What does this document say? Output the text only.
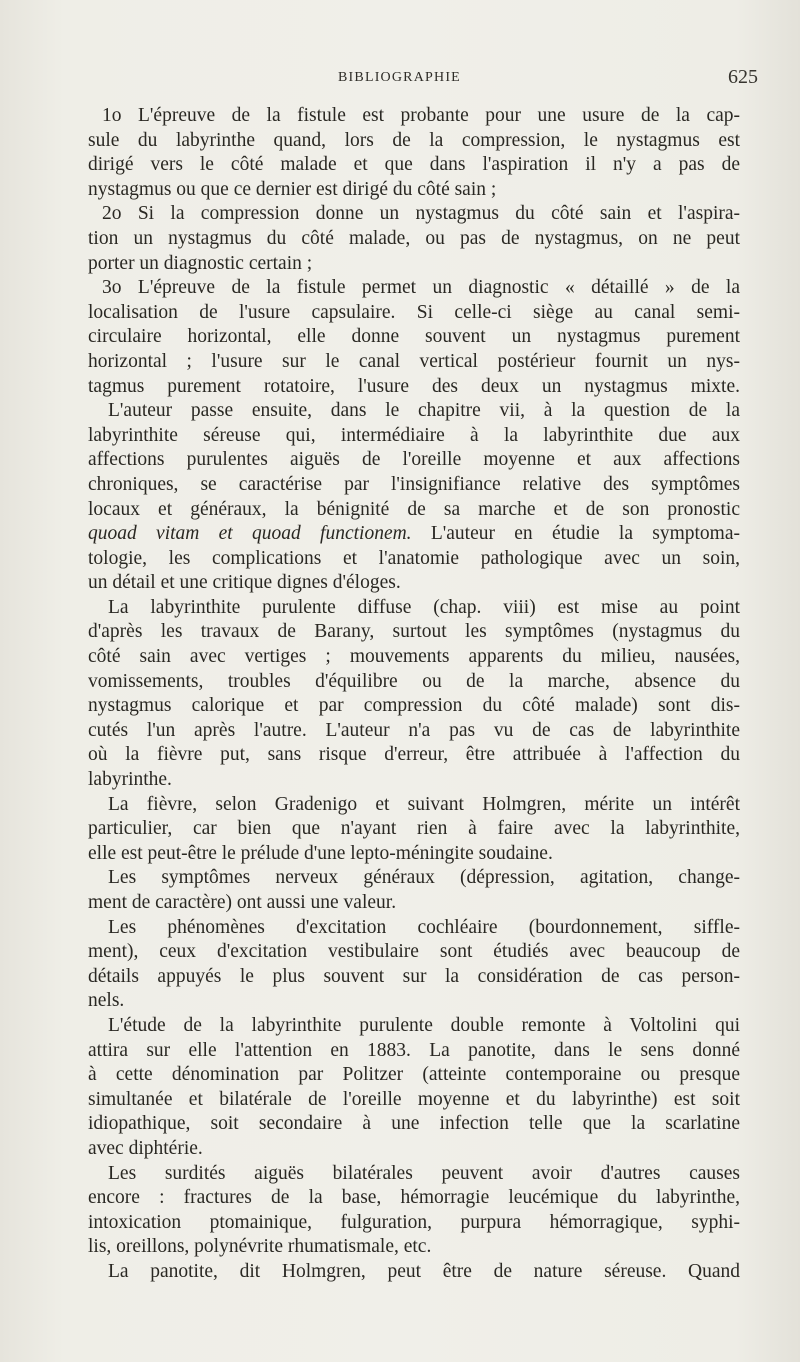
BIBLIOGRAPHIE	625
1o L'épreuve de la fistule est probante pour une usure de la cap-
sule du labyrinthe quand, lors de la compression, le nystagmus est
dirigé vers le côté malade et que dans l'aspiration il n'y a pas de
nystagmus ou que ce dernier est dirigé du côté sain ;
2o Si la compression donne un nystagmus du côté sain et l'aspira-
tion un nystagmus du côté malade, ou pas de nystagmus, on ne peut
porter un diagnostic certain ;
3o L'épreuve de la fistule permet un diagnostic « détaillé » de la
localisation de l'usure capsulaire. Si celle-ci siège au canal semi-
circulaire horizontal, elle donne souvent un nystagmus purement
horizontal ; l'usure sur le canal vertical postérieur fournit un nys-
tagmus purement rotatoire, l'usure des deux un nystagmus mixte.
L'auteur passe ensuite, dans le chapitre vii, à la question de la
labyrinthite séreuse qui, intermédiaire à la labyrinthite due aux
affections purulentes aiguës de l'oreille moyenne et aux affections
chroniques, se caractérise par l'insignifiance relative des symptômes
locaux et généraux, la bénignité de sa marche et de son pronostic
quoad vitam et quoad functionem. L'auteur en étudie la symptoma-
tologie, les complications et l'anatomie pathologique avec un soin,
un détail et une critique dignes d'éloges.
La labyrinthite purulente diffuse (chap. viii) est mise au point
d'après les travaux de Barany, surtout les symptômes (nystagmus du
côté sain avec vertiges ; mouvements apparents du milieu, nausées,
vomissements, troubles d'équilibre ou de la marche, absence du
nystagmus calorique et par compression du côté malade) sont dis-
cutés l'un après l'autre. L'auteur n'a pas vu de cas de labyrinthite
où la fièvre put, sans risque d'erreur, être attribuée à l'affection du
labyrinthe.
La fièvre, selon Gradenigo et suivant Holmgren, mérite un intérêt
particulier, car bien que n'ayant rien à faire avec la labyrinthite,
elle est peut-être le prélude d'une lepto-méningite soudaine.
Les symptômes nerveux généraux (dépression, agitation, change-
ment de caractère) ont aussi une valeur.
Les phénomènes d'excitation cochléaire (bourdonnement, siffle-
ment), ceux d'excitation vestibulaire sont étudiés avec beaucoup de
détails appuyés le plus souvent sur la considération de cas person-
nels.
L'étude de la labyrinthite purulente double remonte à Voltolini qui
attira sur elle l'attention en 1883. La panotite, dans le sens donné
à cette dénomination par Politzer (atteinte contemporaine ou presque
simultanée et bilatérale de l'oreille moyenne et du labyrinthe) est soit
idiopathique, soit secondaire à une infection telle que la scarlatine
avec diphtérie.
Les surdités aiguës bilatérales peuvent avoir d'autres causes
encore : fractures de la base, hémorragie leucémique du labyrinthe,
intoxication ptomainique, fulguration, purpura hémorragique, syphi-
lis, oreillons, polynévrite rhumatismale, etc.
La panotite, dit Holmgren, peut être de nature séreuse. Quand
